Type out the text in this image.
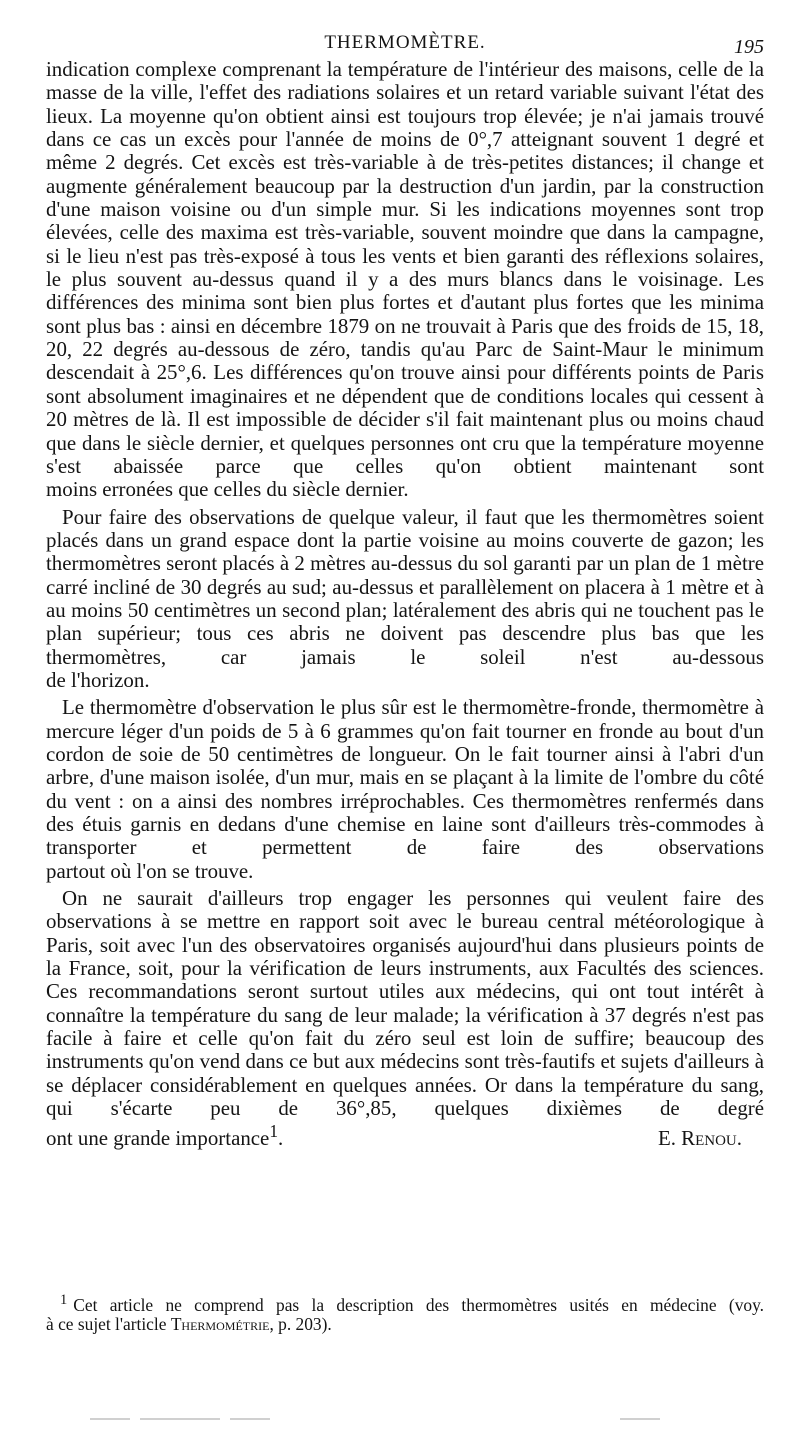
THERMOMÈTRE.	195

indication complexe comprenant la température de l'intérieur des maisons, celle de la masse de la ville, l'effet des radiations solaires et un retard variable suivant l'état des lieux. La moyenne qu'on obtient ainsi est toujours trop élevée; je n'ai jamais trouvé dans ce cas un excès pour l'année de moins de 0°,7 atteignant souvent 1 degré et même 2 degrés. Cet excès est très-variable à de très-petites distances; il change et augmente généralement beaucoup par la destruction d'un jardin, par la construction d'une maison voisine ou d'un simple mur. Si les indications moyennes sont trop élevées, celle des maxima est très-variable, souvent moindre que dans la campagne, si le lieu n'est pas très-exposé à tous les vents et bien garanti des réflexions solaires, le plus souvent au-dessus quand il y a des murs blancs dans le voisinage. Les différences des minima sont bien plus fortes et d'autant plus fortes que les minima sont plus bas : ainsi en décembre 1879 on ne trouvait à Paris que des froids de 15, 18, 20, 22 degrés au-dessous de zéro, tandis qu'au Parc de Saint-Maur le minimum descendait à 25°,6. Les différences qu'on trouve ainsi pour différents points de Paris sont absolument imaginaires et ne dépendent que de conditions locales qui cessent à 20 mètres de là. Il est impossible de décider s'il fait maintenant plus ou moins chaud que dans le siècle dernier, et quelques personnes ont cru que la température moyenne s'est abaissée parce que celles qu'on obtient maintenant sont

moins erronées que celles du siècle dernier.

Pour faire des observations de quelque valeur, il faut que les thermomètres soient placés dans un grand espace dont la partie voisine au moins couverte de gazon; les thermomètres seront placés à 2 mètres au-dessus du sol garanti par un plan de 1 mètre carré incliné de 30 degrés au sud; au-dessus et parallèlement on placera à 1 mètre et à au moins 50 centimètres un second plan; latéralement des abris qui ne touchent pas le plan supérieur; tous ces abris ne doivent pas descendre plus bas que les thermomètres, car jamais le soleil n'est au-dessous

de l'horizon.

Le thermomètre d'observation le plus sûr est le thermomètre-fronde, thermomètre à mercure léger d'un poids de 5 à 6 grammes qu'on fait tourner en fronde au bout d'un cordon de soie de 50 centimètres de longueur. On le fait tourner ainsi à l'abri d'un arbre, d'une maison isolée, d'un mur, mais en se plaçant à la limite de l'ombre du côté du vent : on a ainsi des nombres irréprochables. Ces thermomètres renfermés dans des étuis garnis en dedans d'une chemise en laine sont d'ailleurs très-commodes à transporter et permettent de faire des observations

partout où l'on se trouve.

On ne saurait d'ailleurs trop engager les personnes qui veulent faire des observations à se mettre en rapport soit avec le bureau central météorologique à Paris, soit avec l'un des observatoires organisés aujourd'hui dans plusieurs points de la France, soit, pour la vérification de leurs instruments, aux Facultés des sciences. Ces recommandations seront surtout utiles aux médecins, qui ont tout intérêt à connaître la température du sang de leur malade; la vérification à 37 degrés n'est pas facile à faire et celle qu'on fait du zéro seul est loin de suffire; beaucoup des instruments qu'on vend dans ce but aux médecins sont très-fautifs et sujets d'ailleurs à se déplacer considérablement en quelques années. Or dans la température du sang, qui s'écarte peu de 36°,85, quelques dixièmes de degré

ont une grande importance$^1$.	E. Renou.
$^1$ Cet article ne comprend pas la description des thermomètres usités en médecine (voy.
à ce sujet l'article Thermométrie, p. 203).
